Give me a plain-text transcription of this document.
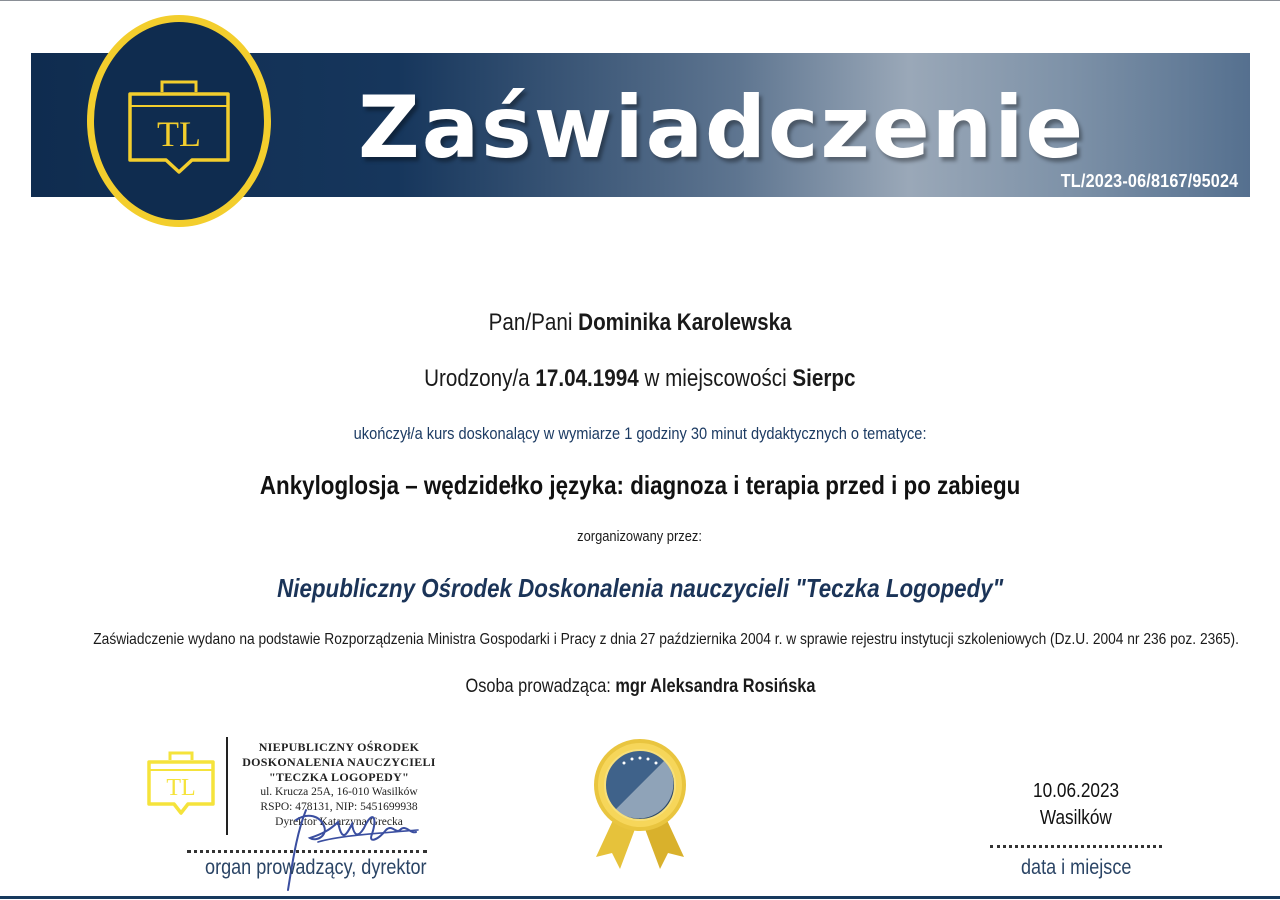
TL Zaświadczenie
TL/2023-06/8167/95024
Pan/Pani Dominika Karolewska
Urodzony/a 17.04.1994 w miejscowości Sierpc
ukończył/a kurs doskonalący w wymiarze 1 godziny 30 minut dydaktycznych o tematyce:
Ankyloglosja – wędzidełko języka: diagnoza i terapia przed i po zabiegu
zorganizowany przez:
Niepubliczny Ośrodek Doskonalenia nauczycieli "Teczka Logopedy"
Zaświadczenie wydano na podstawie Rozporządzenia Ministra Gospodarki i Pracy z dnia 27 października 2004 r. w sprawie rejestru instytucji szkoleniowych (Dz.U. 2004 nr 236 poz. 2365).
Osoba prowadząca: mgr Aleksandra Rosińska
TL
NIEPUBLICZNY OŚRODEK
DOSKONALENIA NAUCZYCIELI
"TECZKA LOGOPEDY"
ul. Krucza 25A, 16-010 Wasilków
RSPO: 478131, NIP: 5451699938
Dyrektor Katarzyna Grecka
organ prowadzący, dyrektor
10.06.2023
Wasilków
data i miejsce
